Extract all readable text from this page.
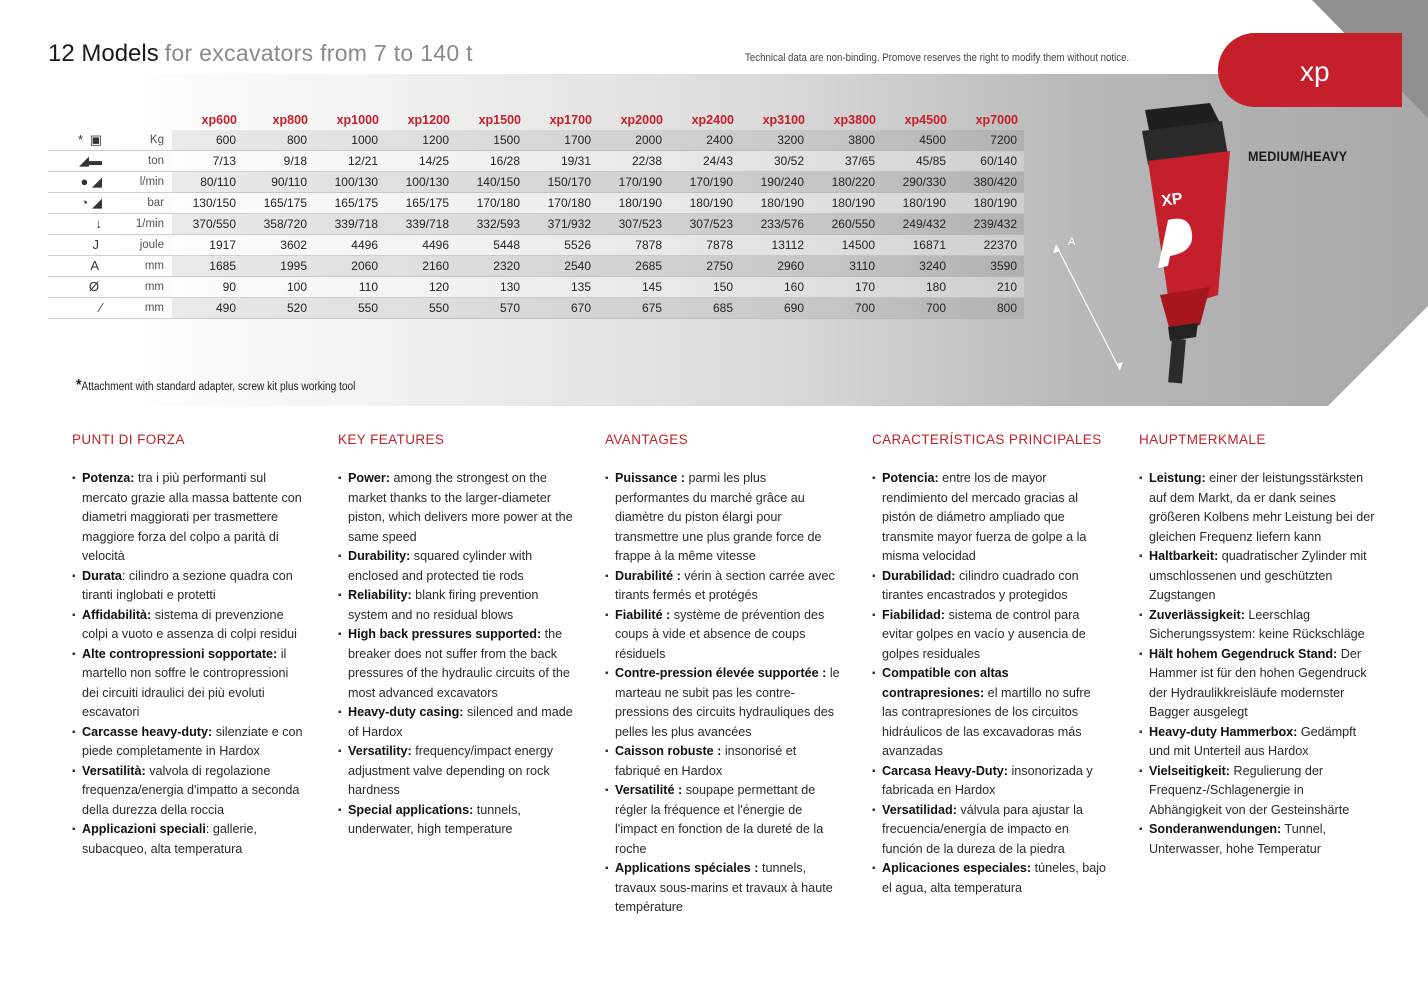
12 Models for excavators from 7 to 140 t	Technical data are non-binding. Promove reserves the right to modify them without notice.	xp
		xp600	xp800	xp1000	xp1200	xp1500	xp1700	xp2000	xp2400	xp3100	xp3800	xp4500	xp7000
* ▣	Kg	600	800	1000	1200	1500	1700	2000	2400	3200	3800	4500	7200
◢▬	ton	7/13	9/18	12/21	14/25	16/28	19/31	22/38	24/43	30/52	37/65	45/85	60/140
● ◢	l/min	80/110	90/110	100/130	100/130	140/150	150/170	170/190	170/190	190/240	180/220	290/330	380/420
◔ ◢	bar	130/150	165/175	165/175	165/175	170/180	170/180	180/190	180/190	180/190	180/190	180/190	180/190
↓	1/min	370/550	358/720	339/718	339/718	332/593	371/932	307/523	307/523	233/576	260/550	249/432	239/432
J	joule	1917	3602	4496	4496	5448	5526	7878	7878	13112	14500	16871	22370
A	mm	1685	1995	2060	2160	2320	2540	2685	2750	2960	3110	3240	3590
Ø	mm	90	100	110	120	130	135	145	150	160	170	180	210
∕	mm	490	520	550	550	570	670	675	685	690	700	700	800
*Attachment with standard adapter, screw kit plus working tool
A
XP
MEDIUM/HEAVY
PUNTI DI FORZA
▪ Potenza: tra i più performanti sul mercato grazie alla massa battente con diametri maggiorati per trasmettere maggiore forza del colpo a parità di velocità
▪ Durata: cilindro a sezione quadra con tiranti inglobati e protetti
▪ Affidabilità: sistema di prevenzione colpi a vuoto e assenza di colpi residui
▪ Alte contropressioni sopportate: il martello non soffre le contropressioni dei circuiti idraulici dei più evoluti escavatori
▪ Carcasse heavy-duty: silenziate e con piede completamente in Hardox
▪ Versatilità: valvola di regolazione frequenza/energia d'impatto a seconda della durezza della roccia
▪ Applicazioni speciali: gallerie, subacqueo, alta temperatura
KEY FEATURES
▪ Power: among the strongest on the market thanks to the larger-diameter piston, which delivers more power at the same speed
▪ Durability: squared cylinder with enclosed and protected tie rods
▪ Reliability: blank firing prevention system and no residual blows
▪ High back pressures supported: the breaker does not suffer from the back pressures of the hydraulic circuits of the most advanced excavators
▪ Heavy-duty casing: silenced and made of Hardox
▪ Versatility: frequency/impact energy adjustment valve depending on rock hardness
▪ Special applications: tunnels, underwater, high temperature
AVANTAGES
▪ Puissance : parmi les plus performantes du marché grâce au diamètre du piston élargi pour transmettre une plus grande force de frappe à la même vitesse
▪ Durabilité : vérin à section carrée avec tirants fermés et protégés
▪ Fiabilité : système de prévention des coups à vide et absence de coups résiduels
▪ Contre-pression élevée supportée : le marteau ne subit pas les contre-pressions des circuits hydrauliques des pelles les plus avancées
▪ Caisson robuste : insonorisé et fabriqué en Hardox
▪ Versatilité : soupape permettant de régler la fréquence et l'énergie de l'impact en fonction de la dureté de la roche
▪ Applications spéciales : tunnels, travaux sous-marins et travaux à haute température
CARACTERÍSTICAS PRINCIPALES
▪ Potencia: entre los de mayor rendimiento del mercado gracias al pistón de diámetro ampliado que transmite mayor fuerza de golpe a la misma velocidad
▪ Durabilidad: cilindro cuadrado con tirantes encastrados y protegidos
▪ Fiabilidad: sistema de control para evitar golpes en vacío y ausencia de golpes residuales
▪ Compatible con altas contrapresiones: el martillo no sufre las contrapresiones de los circuitos hidráulicos de las excavadoras más avanzadas
▪ Carcasa Heavy-Duty: insonorizada y fabricada en Hardox
▪ Versatilidad: válvula para ajustar la frecuencia/energía de impacto en función de la dureza de la piedra
▪ Aplicaciones especiales: túneles, bajo el agua, alta temperatura
HAUPTMERKMALE
▪ Leistung: einer der leistungsstärksten auf dem Markt, da er dank seines größeren Kolbens mehr Leistung bei der gleichen Frequenz liefern kann
▪ Haltbarkeit: quadratischer Zylinder mit umschlossenen und geschützten Zugstangen
▪ Zuverlässigkeit: Leerschlag Sicherungssystem: keine Rückschläge
▪ Hält hohem Gegendruck Stand: Der Hammer ist für den hohen Gegendruck der Hydraulikkreisläufe modernster Bagger ausgelegt
▪ Heavy-duty Hammerbox: Gedämpft und mit Unterteil aus Hardox
▪ Vielseitigkeit: Regulierung der Frequenz-/Schlagenergie in Abhängigkeit von der Gesteinshärte
▪ Sonderanwendungen: Tunnel, Unterwasser, hohe Temperatur
